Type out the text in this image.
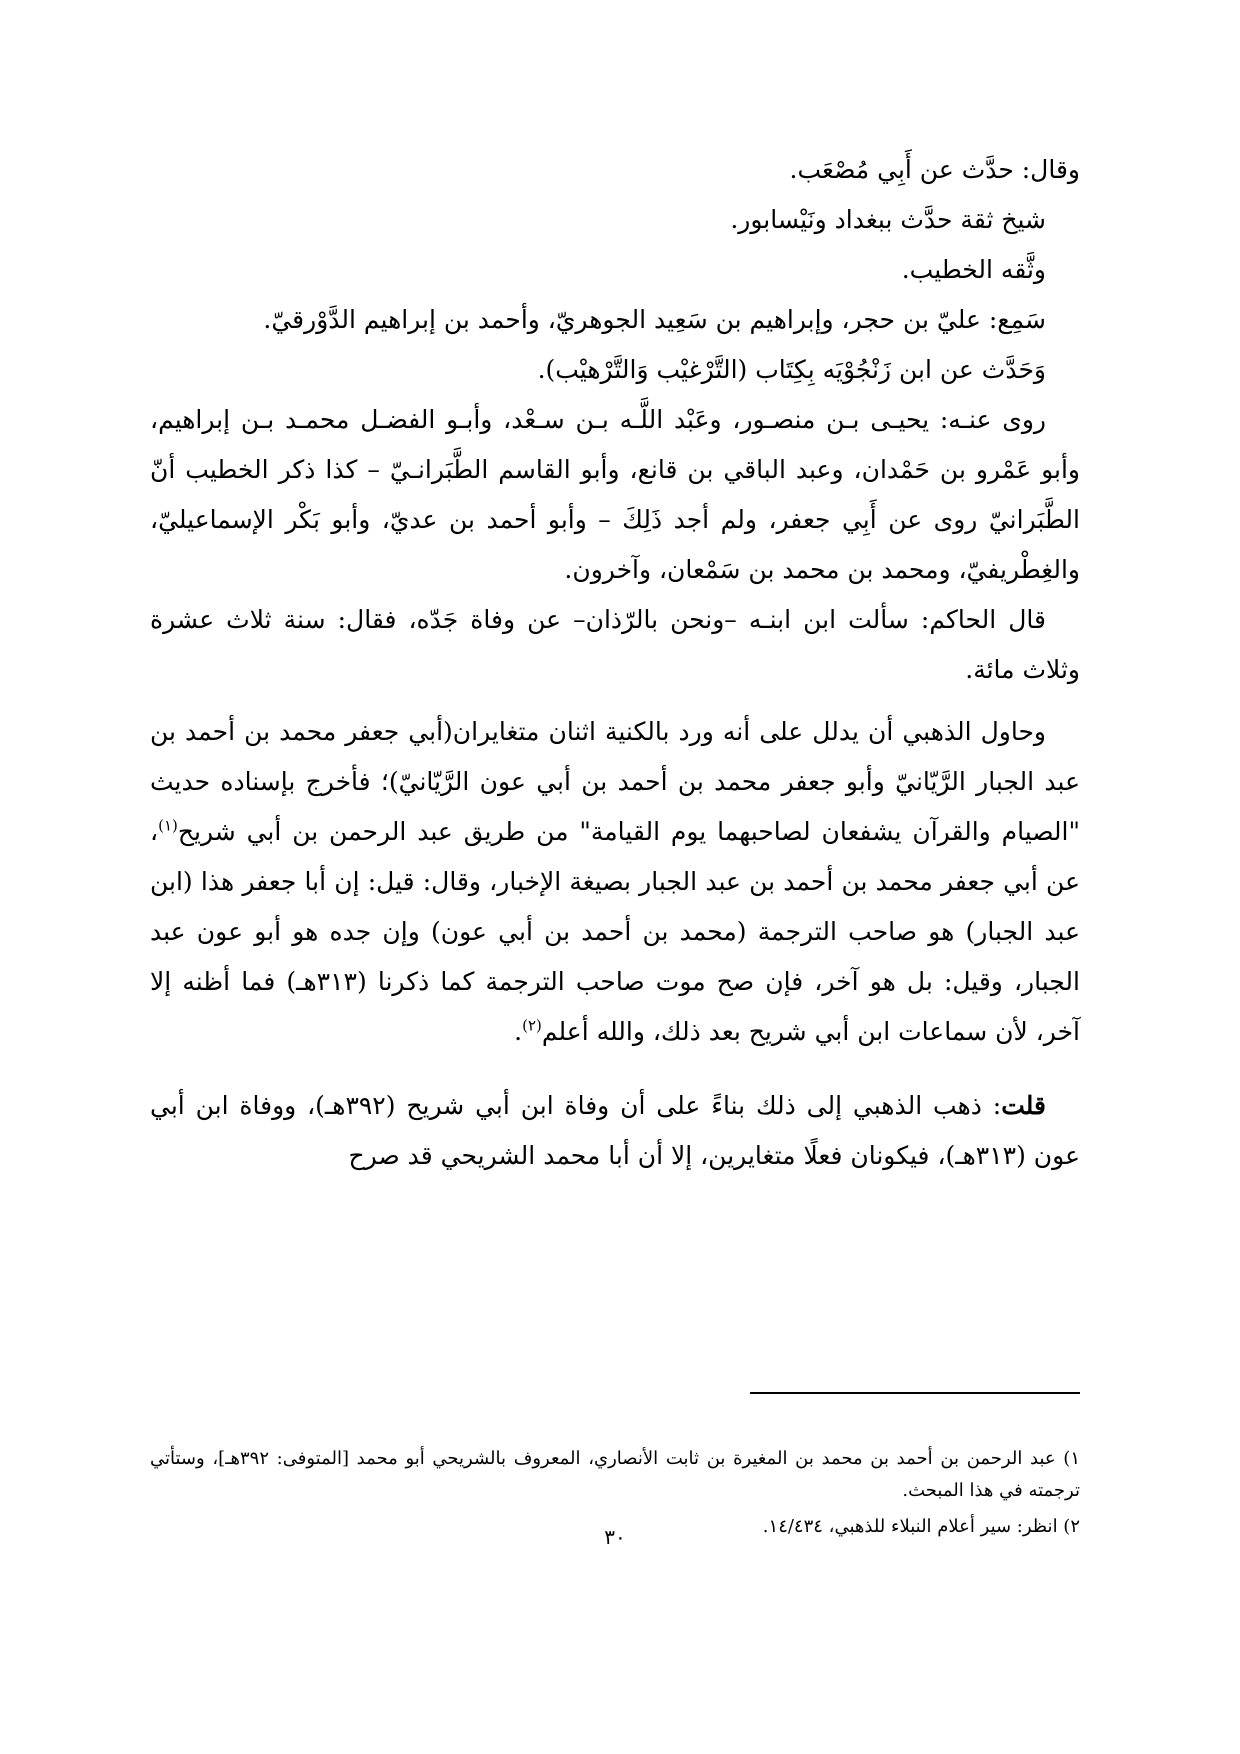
وقال: حدَّث عن أَبِي مُصْعَب.

شيخ ثقة حدَّث ببغداد ونَيْسابور.

وثَّقه الخطيب.

سَمِع: عليّ بن حجر، وإبراهيم بن سَعِيد الجوهريّ، وأحمد بن إبراهيم الدَّوْرقيّ.

وَحَدَّث عن ابن زَنْجُوْيَه بِكِتَاب (التَّرْغيْب وَالتَّرْهيْب).

روى عنـه: يحيـى بـن منصـور، وعَبْد اللَّـه بـن سـعْد، وأبـو الفضـل محمـد بـن إبراهيم، وأبو عَمْرو بن حَمْدان، وعبد الباقي بن قانع، وأبو القاسم الطَّبَرانـيّ – كذا ذكر الخطيب أنّ الطَّبَرانيّ روى عن أَبِي جعفر، ولم أجد ذَلِكَ – وأبو أحمد بن عديّ، وأبو بَكْر الإسماعيليّ، والغِطْريفيّ، ومحمد بن محمد بن سَمْعان، وآخرون.

قال الحاكم: سألت ابن ابنـه –ونحن بالرّذان– عن وفاة جَدّه، فقال: سنة ثلاث عشرة وثلاث مائة.

وحاول الذهبي أن يدلل على أنه ورد بالكنية اثنان متغايران(أبي جعفر محمد بن أحمد بن عبد الجبار الرَّيّانيّ وأبو جعفر محمد بن أحمد بن أبي عون الرَّيّانيّ)؛ فأخرج بإسناده حديث "الصيام والقرآن يشفعان لصاحبهما يوم القيامة" من طريق عبد الرحمن بن أبي شريح$^{(١)}$، عن أبي جعفر محمد بن أحمد بن عبد الجبار بصيغة الإخبار، وقال: قيل: إن أبا جعفر هذا (ابن عبد الجبار) هو صاحب الترجمة (محمد بن أحمد بن أبي عون) وإن جده هو أبو عون عبد الجبار، وقيل: بل هو آخر، فإن صح موت صاحب الترجمة كما ذكرنا (٣١٣هـ) فما أظنه إلا آخر، لأن سماعات ابن أبي شريح بعد ذلك، والله أعلم$^{(٢)}$.

قلت: ذهب الذهبي إلى ذلك بناءً على أن وفاة ابن أبي شريح (٣٩٢هـ)، ووفاة ابن أبي عون (٣١٣هـ)، فيكونان فعلًا متغايرين، إلا أن أبا محمد الشريحي قد صرح

١) عبد الرحمن بن أحمد بن محمد بن المغيرة بن ثابت الأنصاري، المعروف بالشريحي أبو محمد [المتوفى: ٣٩٢هـ]، وستأتي ترجمته في هذا المبحث.

٢) انظر: سير أعلام النبلاء للذهبي، ١٤/٤٣٤.

٣٠
